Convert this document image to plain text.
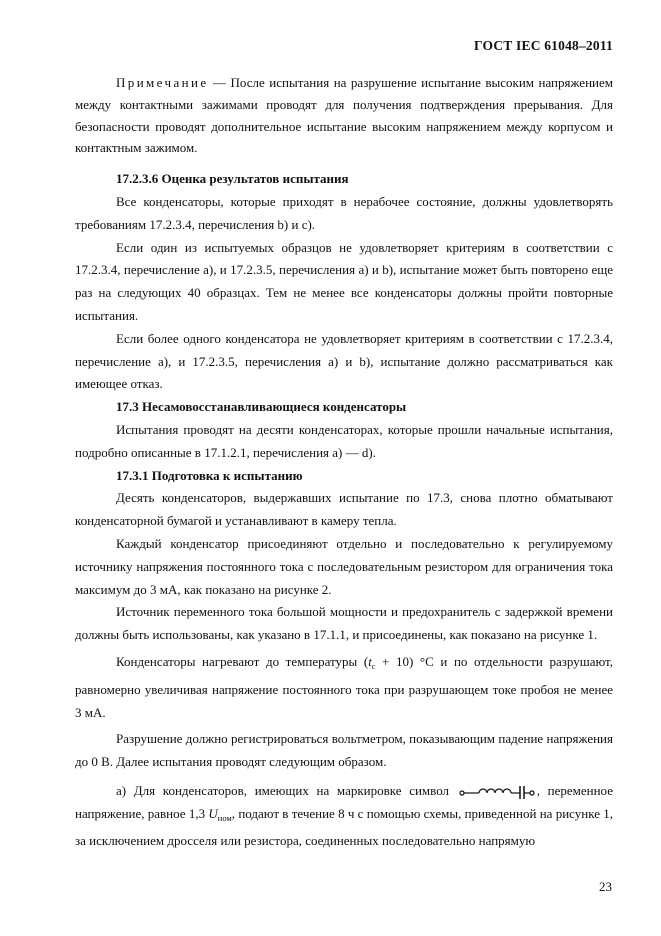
ГОСТ IEC 61048–2011

Примечание — После испытания на разрушение испытание высоким напряжением между контактными зажимами проводят для получения подтверждения прерывания. Для безопасности проводят дополнительное испытание высоким напряжением между корпусом и контактным зажимом.

17.2.3.6 Оценка результатов испытания

Все конденсаторы, которые приходят в нерабочее состояние, должны удовлетворять требованиям 17.2.3.4, перечисления b) и с).

Если один из испытуемых образцов не удовлетворяет критериям в соответствии с 17.2.3.4, перечисление a), и 17.2.3.5, перечисления a) и b), испытание может быть повторено еще раз на следующих 40 образцах. Тем не менее все конденсаторы должны пройти повторные испытания.

Если более одного конденсатора не удовлетворяет критериям в соответствии с 17.2.3.4, перечисление a), и 17.2.3.5, перечисления a) и b), испытание должно рассматриваться как имеющее отказ.

17.3 Несамовосстанавливающиеся конденсаторы

Испытания проводят на десяти конденсаторах, которые прошли начальные испытания, подробно описанные в 17.1.2.1, перечисления a) — d).

17.3.1 Подготовка к испытанию

Десять конденсаторов, выдержавших испытание по 17.3, снова плотно обматывают конденсаторной бумагой и устанавливают в камеру тепла.

Каждый конденсатор присоединяют отдельно и последовательно к регулируемому источнику напряжения постоянного тока с последовательным резистором для ограничения тока максимум до 3 мА, как показано на рисунке 2.

Источник переменного тока большой мощности и предохранитель с задержкой времени должны быть использованы, как указано в 17.1.1, и присоединены, как показано на рисунке 1.

Конденсаторы нагревают до температуры $(t_c + 10)$ °C и по отдельности разрушают, равномерно увеличивая напряжение постоянного тока при разрушающем токе пробоя не менее 3 мА.

Разрушение должно регистрироваться вольтметром, показывающим падение напряжения до 0 В. Далее испытания проводят следующим образом.

a) Для конденсаторов, имеющих на маркировке символ	, переменное напряжение, равное 1,3 $U_{ном}$, подают в течение 8 ч с помощью схемы, приведенной на рисунке 1, за исключением дросселя или резистора, соединенных последовательно напрямую

23
